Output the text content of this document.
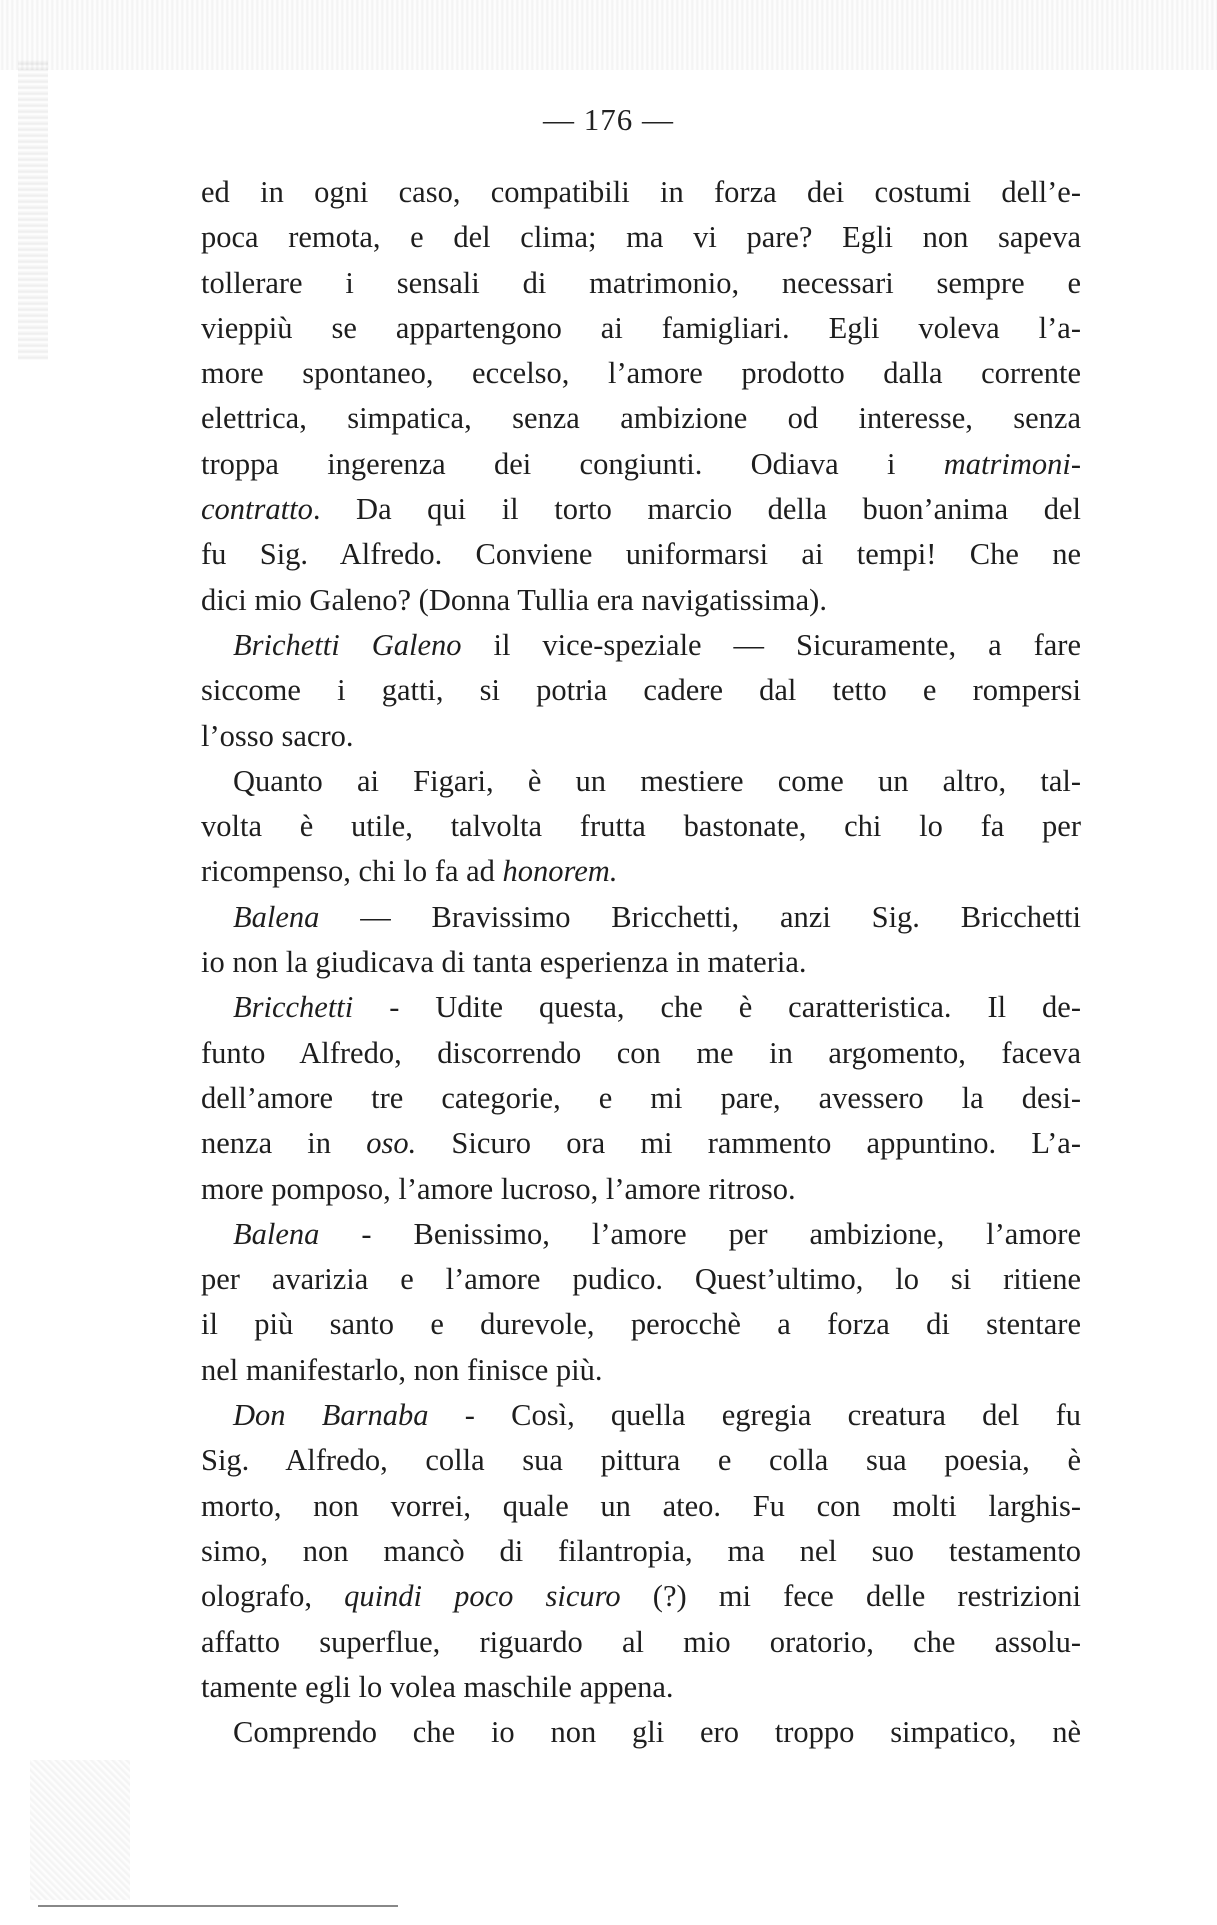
— 176 —
ed in ogni caso, compatibili in forza dei costumi dell’e-
poca remota, e del clima; ma vi pare? Egli non sapeva
tollerare i sensali di matrimonio, necessari sempre e
vieppiù se appartengono ai famigliari. Egli voleva l’a-
more spontaneo, eccelso, l’amore prodotto dalla corrente
elettrica, simpatica, senza ambizione od interesse, senza
troppa ingerenza dei congiunti. Odiava i matrimoni-
contratto. Da qui il torto marcio della buon’anima del
fu Sig. Alfredo. Conviene uniformarsi ai tempi! Che ne
dici mio Galeno? (Donna Tullia era navigatissima).
Brichetti Galeno il vice-speziale — Sicuramente, a fare
siccome i gatti, si potria cadere dal tetto e rompersi
l’osso sacro.
Quanto ai Figari, è un mestiere come un altro, tal-
volta è utile, talvolta frutta bastonate, chi lo fa per
ricompenso, chi lo fa ad honorem.
Balena — Bravissimo Bricchetti, anzi Sig. Bricchetti
io non la giudicava di tanta esperienza in materia.
Bricchetti - Udite questa, che è caratteristica. Il de-
funto Alfredo, discorrendo con me in argomento, faceva
dell’amore tre categorie, e mi pare, avessero la desi-
nenza in oso. Sicuro ora mi rammento appuntino. L’a-
more pomposo, l’amore lucroso, l’amore ritroso.
Balena - Benissimo, l’amore per ambizione, l’amore
per avarizia e l’amore pudico. Quest’ultimo, lo si ritiene
il più santo e durevole, perocchè a forza di stentare
nel manifestarlo, non finisce più.
Don Barnaba - Così, quella egregia creatura del fu
Sig. Alfredo, colla sua pittura e colla sua poesia, è
morto, non vorrei, quale un ateo. Fu con molti larghis-
simo, non mancò di filantropia, ma nel suo testamento
olografo, quindi poco sicuro (?) mi fece delle restrizioni
affatto superflue, riguardo al mio oratorio, che assolu-
tamente egli lo volea maschile appena.
Comprendo che io non gli ero troppo simpatico, nè
